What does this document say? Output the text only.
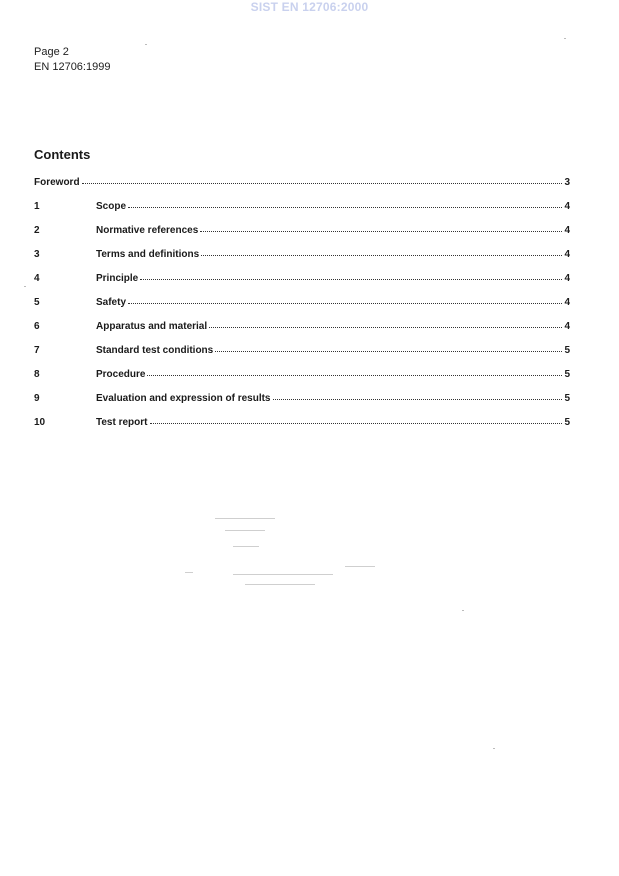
SIST EN 12706:2000
Page 2
EN 12706:1999
Contents
Foreword	3
1	Scope	4
2	Normative references	4
3	Terms and definitions	4
4	Principle	4
5	Safety	4
6	Apparatus and material	4
7	Standard test conditions	5
8	Procedure	5
9	Evaluation and expression of results	5
10	Test report	5
